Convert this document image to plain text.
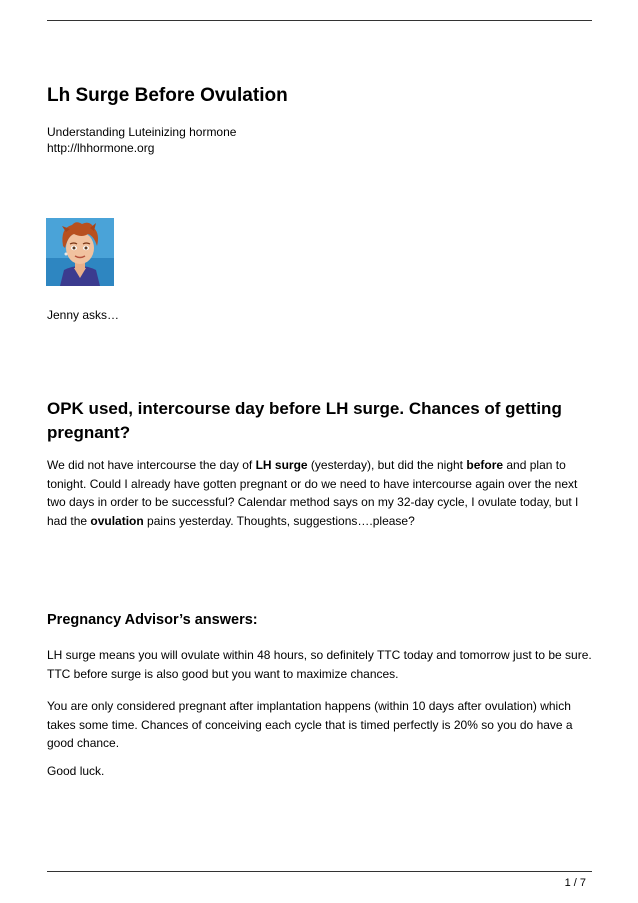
Lh Surge Before Ovulation
Understanding Luteinizing hormone
http://lhhormone.org
Jenny asks…
OPK used, intercourse day before LH surge. Chances of getting pregnant?

We did not have intercourse the day of LH surge (yesterday), but did the night before and plan to tonight. Could I already have gotten pregnant or do we need to have intercourse again over the next two days in order to be successful? Calendar method says on my 32-day cycle, I ovulate today, but I had the ovulation pains yesterday. Thoughts, suggestions….please?

Pregnancy Advisor’s answers:

LH surge means you will ovulate within 48 hours, so definitely TTC today and tomorrow just to be sure. TTC before surge is also good but you want to maximize chances.

You are only considered pregnant after implantation happens (within 10 days after ovulation) which takes some time. Chances of conceiving each cycle that is timed perfectly is 20% so you do have a good chance.

Good luck.

1 / 7
